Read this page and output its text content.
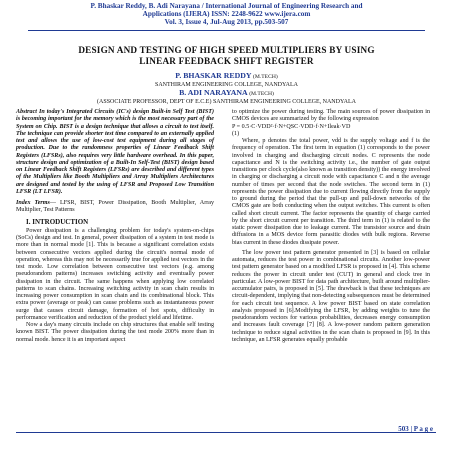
P. Bhaskar Reddy, B. Adi Narayana / International Journal of Engineering Research and
Applications (IJERA) ISSN: 2248-9622 www.ijera.com
Vol. 3, Issue 4, Jul-Aug 2013, pp.503-507
DESIGN AND TESTING OF HIGH SPEED MULTIPLIERS BY USING
LINEAR FEEDBACK SHIFT REGISTER
P. BHASKAR REDDY (M.TECH)
SANTHIRAM ENGINEERING COLLEGE, NANDYALA
B. ADI NARAYANA (M.TECH)
(ASSOCIATE PROFESSOR, DEPT OF E.C.E) SANTHIRAM ENGINEERING COLLEGE, NANDYALA

Abstract In today's Integrated Circuits (IC's) design Built-in Self Test (BIST) is becoming important for the memory which is the most necessary part of the System on Chip. BIST is a design technique that allows a circuit to test itself. The technique can provide shorter test time compared to an externally applied test and allows the use of low-cost test equipment during all stages of production. Due to the randomness properties of Linear Feedback Shift Registers (LFSRs), also requires very little hardware overhead. In this paper, structure design and optimization of a Built-In Self-Test (BIST) design based on Linear Feedback Shift Registers (LFSRs) are described and different types of the Multipliers like Booth Multipliers and Array Multipliers Architectures are designed and tested by the using of LFSR and Proposed Low Transition LFSR (LT LFSR).

Index Terms— LFSR, BIST, Power Dissipation, Booth Multiplier, Array Multiplier, Test Patterns

I. INTRODUCTION

Power dissipation is a challenging problem for today's system-on-chips (SoCs) design and test. In general, power dissipation of a system in test mode is more than in normal mode [1]. This is because a significant correlation exists between consecutive vectors applied during the circuit's normal mode of operation, whereas this may not be necessarily true for applied test vectors in the test mode. Low correlation between consecutive test vectors (e.g. among pseudorandom patterns) increases switching activity and eventually power dissipation in the circuit. The same happens when applying low correlated patterns to scan chains. Increasing switching activity in scan chain results in increasing power consumption in scan chain and its combinational block. This extra power (average or peak) can cause problems such as instantaneous power surge that causes circuit damage, formation of hot spots, difficulty in performance verification and reduction of the product yield and lifetime.

Now a day's many circuits include on chip structures that enable self testing known BIST. The power dissipation during the test mode 200% more than in normal mode. hence it is an important aspect

to optimize the power during testing. The main sources of power dissipation in CMOS devices are summarized by the following expression

P = 0.5·C·VDD²·f·N+QSC·VDD·f·N+Ileak·VD
(1)

Where, p denotes the total power, vdd is the supply voltage and f is the frequency of operation. The first term in equation (1) corresponds to the power involved in charging and discharging circuit nodes. C represents the node capacitance and N is the switching activity i.e., the number of gate output transitions per clock cycle(also known as transition density)) the energy involved in charging or discharging a circuit node with capacitance C and n the average number of times per second that the node switches. The second term in (1) represents the power dissipation due to current flowing directly from the supply to ground during the period that the pull-up and pull-down networks of the CMOS gate are both conducting when the output switches. This current is often called short circuit current. The factor represents the quantity of charge carried by the short circuit current per transition. The third term in (1) is related to the static power dissipation due to leakage current. The transistor source and drain diffusions in a MOS device form parasitic diodes with bulk regions. Reverse bias current in these diodes dissipate power.

The low power test pattern generator presented in [3] is based on cellular automata, reduces the test power in combinational circuits. Another low-power test pattern generator based on a modified LFSR is proposed in [4]. This scheme reduces the power in circuit under test (CUT) in general and clock tree in particular. A low-power BIST for data path architecture, built around multiplier-accumulator pairs, is proposed in [5]. The drawback is that these techniques are circuit-dependent, implying that non-detecting subsequences must be determined for each circuit test sequence. A low power BIST based on state correlation analysis proposed in [6].Modifying the LFSR, by adding weights to tune the pseudorandom vectors for various probabilities, decreases energy consumption and increases fault coverage [7] [8]. A low-power random pattern generation technique to reduce signal activities in the scan chain is proposed in [9]. In this technique, an LFSR generates equally probable

503 | P a g e
